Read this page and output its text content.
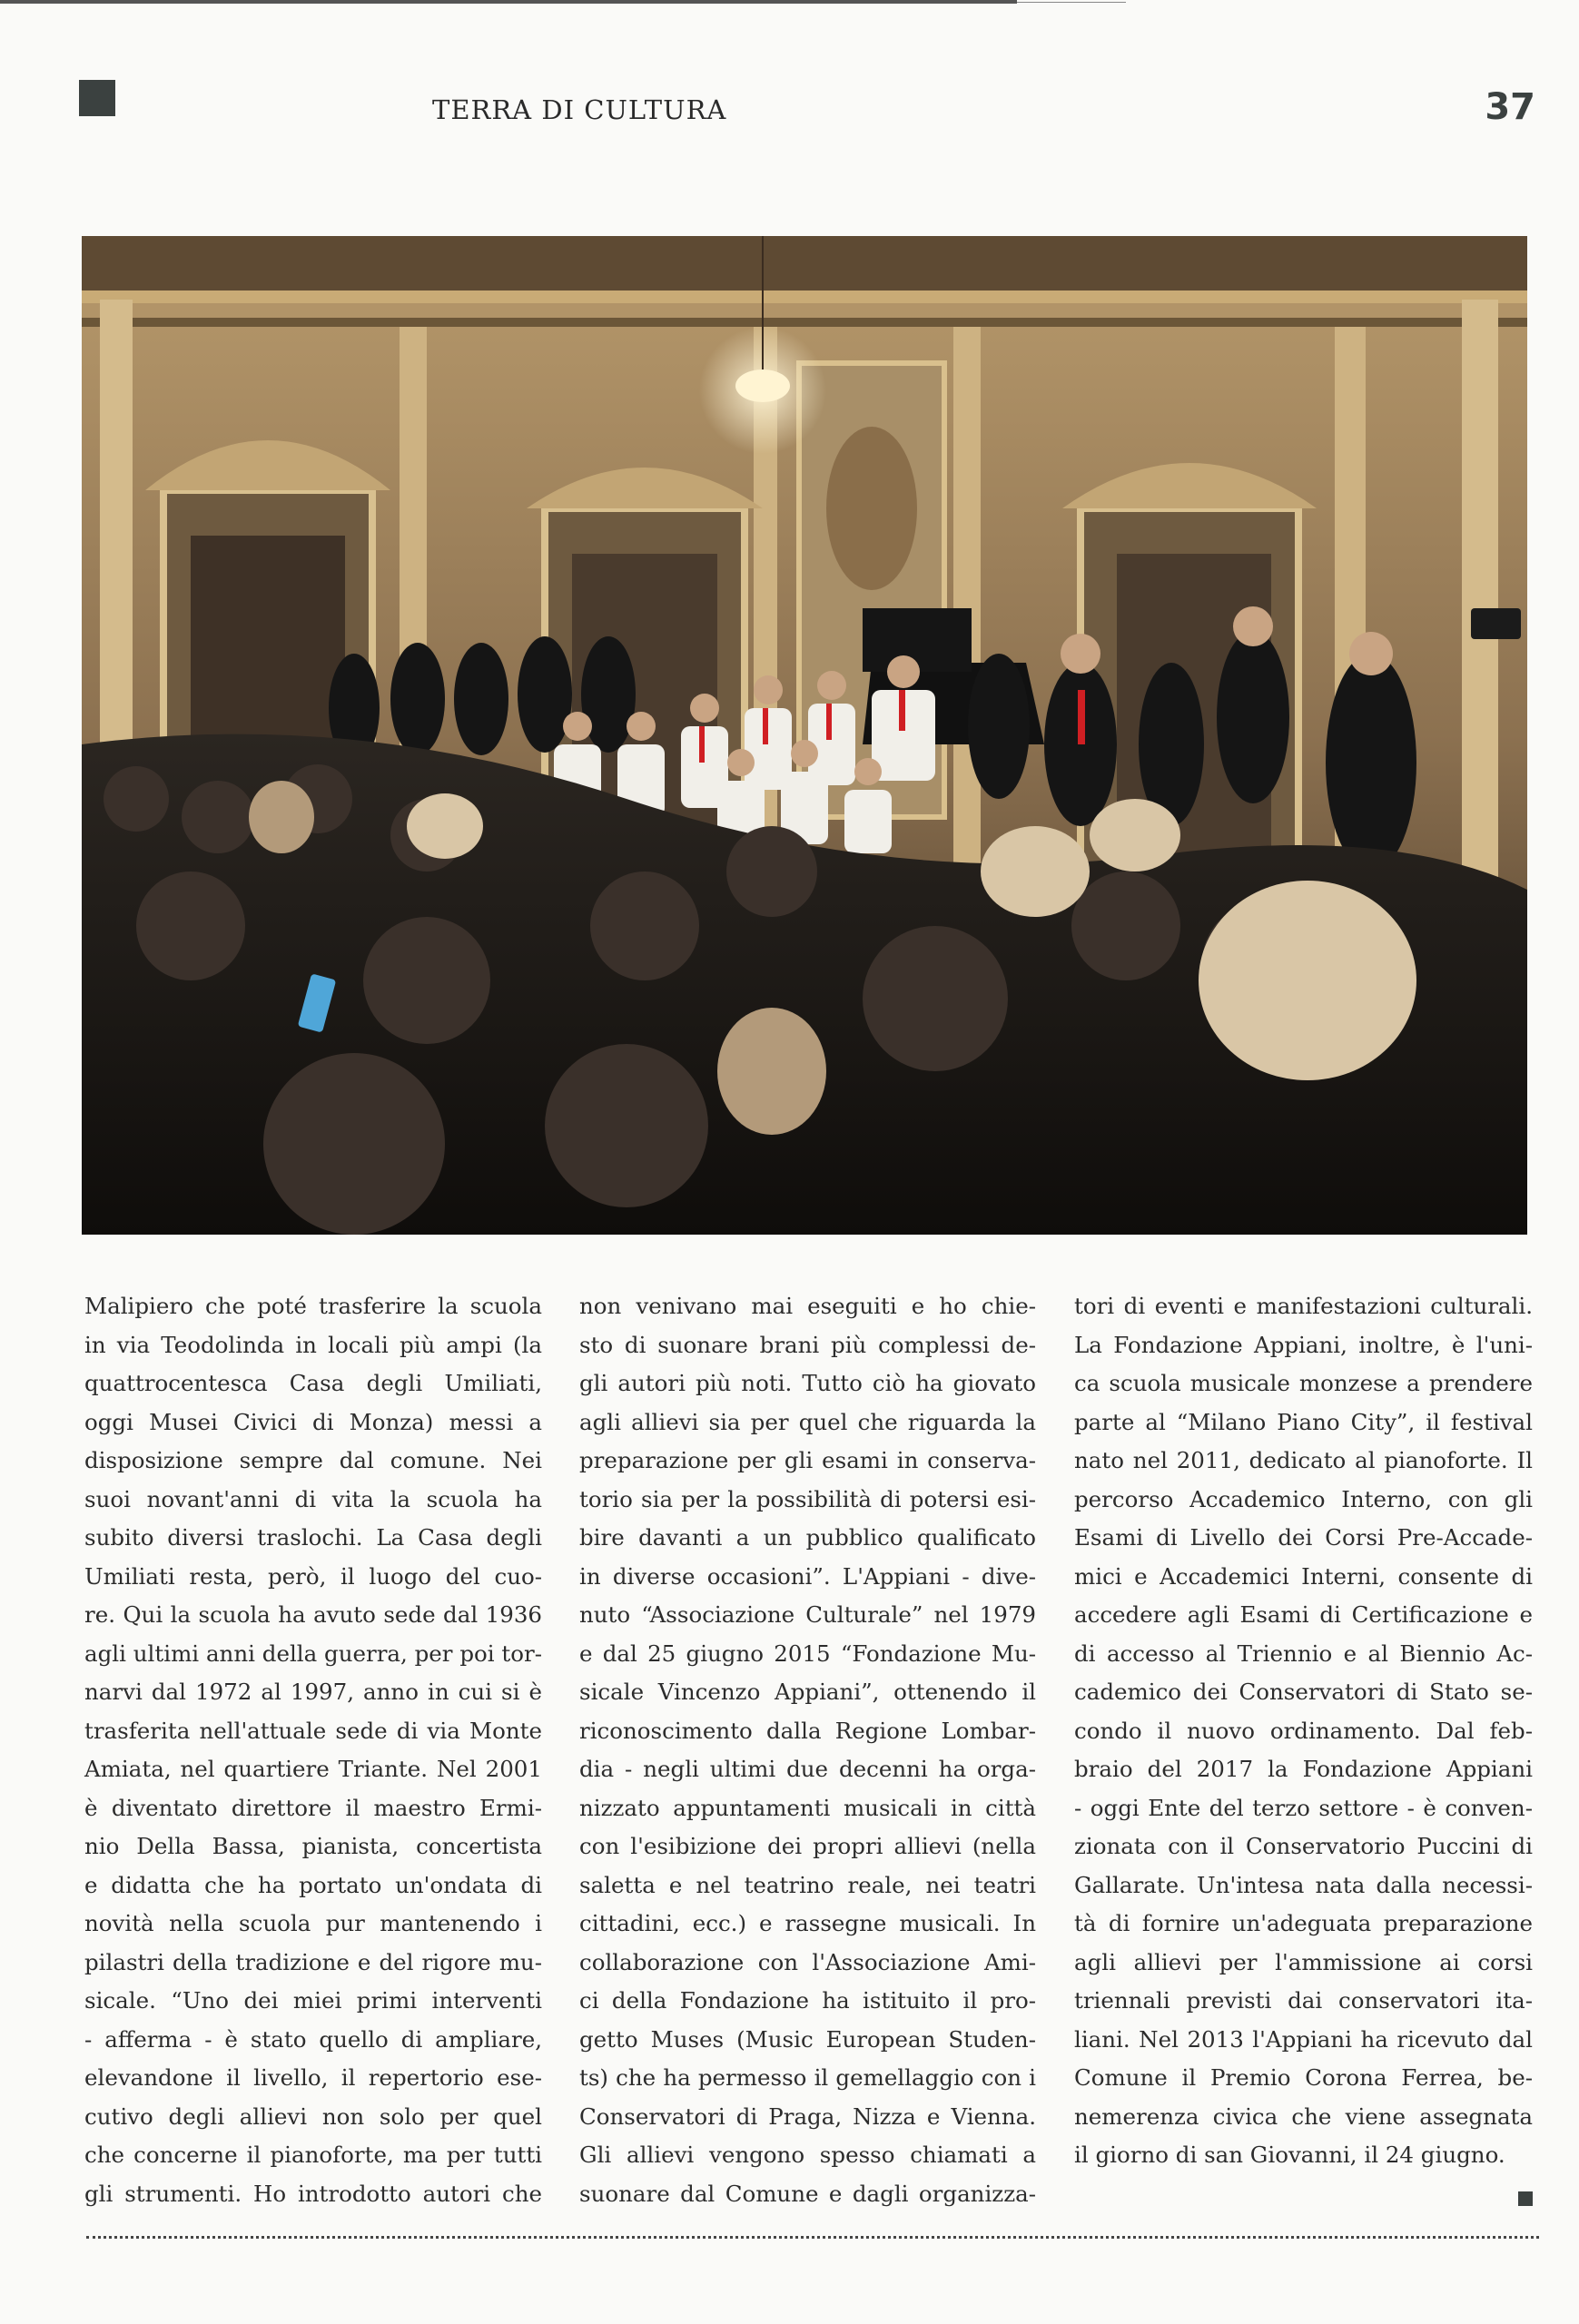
TERRA DI CULTURA	37
Malipiero che poté trasferire la scuola
in via Teodolinda in locali più ampi (la
quattrocentesca Casa degli Umiliati,
oggi Musei Civici di Monza) messi a
disposizione sempre dal comune. Nei
suoi novant'anni di vita la scuola ha
subito diversi traslochi. La Casa degli
Umiliati resta, però, il luogo del cuo-
re. Qui la scuola ha avuto sede dal 1936
agli ultimi anni della guerra, per poi tor-
narvi dal 1972 al 1997, anno in cui si è
trasferita nell'attuale sede di via Monte
Amiata, nel quartiere Triante. Nel 2001
è diventato direttore il maestro Ermi-
nio Della Bassa, pianista, concertista
e didatta che ha portato un'ondata di
novità nella scuola pur mantenendo i
pilastri della tradizione e del rigore mu-
sicale. “Uno dei miei primi interventi
- afferma - è stato quello di ampliare,
elevandone il livello, il repertorio ese-
cutivo degli allievi non solo per quel
che concerne il pianoforte, ma per tutti
gli strumenti. Ho introdotto autori che
non venivano mai eseguiti e ho chie-
sto di suonare brani più complessi de-
gli autori più noti. Tutto ciò ha giovato
agli allievi sia per quel che riguarda la
preparazione per gli esami in conserva-
torio sia per la possibilità di potersi esi-
bire davanti a un pubblico qualificato
in diverse occasioni”. L'Appiani - dive-
nuto “Associazione Culturale” nel 1979
e dal 25 giugno 2015 “Fondazione Mu-
sicale Vincenzo Appiani”, ottenendo il
riconoscimento dalla Regione Lombar-
dia - negli ultimi due decenni ha orga-
nizzato appuntamenti musicali in città
con l'esibizione dei propri allievi (nella
saletta e nel teatrino reale, nei teatri
cittadini, ecc.) e rassegne musicali. In
collaborazione con l'Associazione Ami-
ci della Fondazione ha istituito il pro-
getto Muses (Music European Studen-
ts) che ha permesso il gemellaggio con i
Conservatori di Praga, Nizza e Vienna.
Gli allievi vengono spesso chiamati a
suonare dal Comune e dagli organizza-
tori di eventi e manifestazioni culturali.
La Fondazione Appiani, inoltre, è l'uni-
ca scuola musicale monzese a prendere
parte al “Milano Piano City”, il festival
nato nel 2011, dedicato al pianoforte. Il
percorso Accademico Interno, con gli
Esami di Livello dei Corsi Pre-Accade-
mici e Accademici Interni, consente di
accedere agli Esami di Certificazione e
di accesso al Triennio e al Biennio Ac-
cademico dei Conservatori di Stato se-
condo il nuovo ordinamento. Dal feb-
braio del 2017 la Fondazione Appiani
- oggi Ente del terzo settore - è conven-
zionata con il Conservatorio Puccini di
Gallarate. Un'intesa nata dalla necessi-
tà di fornire un'adeguata preparazione
agli allievi per l'ammissione ai corsi
triennali previsti dai conservatori ita-
liani. Nel 2013 l'Appiani ha ricevuto dal
Comune il Premio Corona Ferrea, be-
nemerenza civica che viene assegnata
il giorno di san Giovanni, il 24 giugno.
